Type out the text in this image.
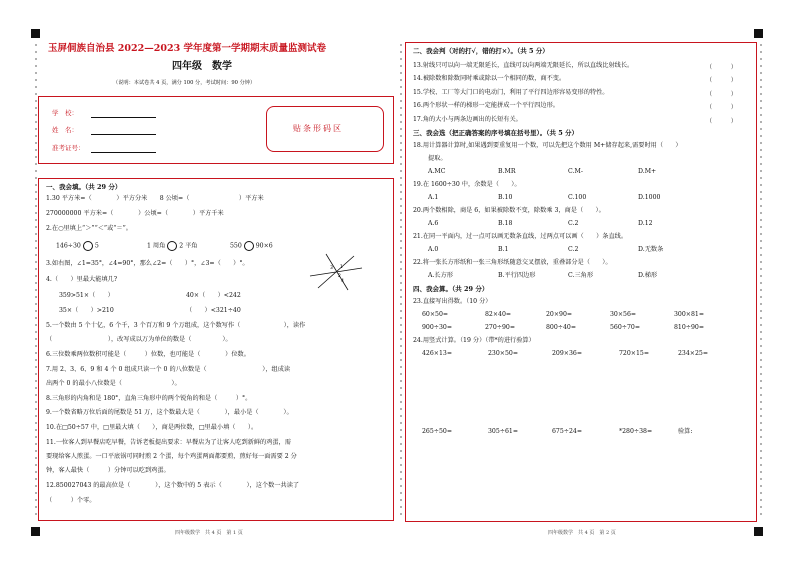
玉屏侗族自治县 2022—2023 学年度第一学期期末质量监测试卷
四年级　数学
（说明：本试卷共 4 页，满分 100 分，考试时间：90 分钟）
学　校：
姓　名：
准考证号：
贴条形码区
一、我会填。（共 29 分）
1.30 平方米=（　　　　）平方分米　　8 公顷=（　　　　　　　　）平方米
270000000 平方米=（　　　　）公顷=（　　　　）平方千米
2.在○里填上“＞”“＜”或“＝”。
146÷30 5	1 周角 2 平角	550 90×6
3.如右图，∠1=35°，∠4=90°，那么∠2=（　　）°，∠3=（　　）°。
3 1
2
4
4.（　　）里最大能填几?
359>51×（　　）	40×（　　）<242
35×（　　）>210	（　　）<321÷40
5.一个数由 5 个十亿，6 个千，3 个百万和 9 个万组成，这个数写作（　　　　　　　），读作
（　　　　　　　　　），改写成以万为单位的数是（　　　　　）。
6.三位数乘两位数积可能是（　　　）位数，也可能是（　　　　）位数。
7.用 2、3、6、9 和 4 个 0 组成只读一个 0 的八位数是（　　　　　　　　　），组成读
出两个 0 的最小八位数是（　　　　　　　　）。
8.三角形的内角和是 180°，直角三角形中的两个锐角的和是（　　　）°。
9.一个数省略万位后面的尾数是 51 万，这个数最大是（　　　　），最小是（　　　　）。
10.在□50÷57 中，□里最大填（　　），商是两位数，□里最小填（　　）。
11.一位客人到早餐店吃早餐，告诉老板提出要求：早餐店为了让客人吃到新鲜的鸡蛋，需
要现给客人煎蛋。一口平底锅可同时煎 2 个蛋，每个鸡蛋两面都要煎，煎好每一面需要 2 分
钟，客人最快（　　　）分钟可以吃到鸡蛋。
12.850027043 的最高位是（　　　　），这个数中的 5 表示（　　　　），这个数一共读了
（　　　）个零。
四年级数学　共 4 页　第 1 页
二、我会判（对的打√，错的打×）。（共 5 分）
13.射线只可以向一端无限延长，直线可以向两端无限延长，所以直线比射线长。	（　　　）
14.被除数和除数同时乘或除以一个相同的数，商不变。	（　　　）
15.学校、工厂等大门口的电动门，利用了平行四边形容易变形的特性。	（　　　）
16.两个形状一样的梯形一定能拼成一个平行四边形。	（　　　）
17.角的大小与两条边画出的长短有关。	（　　　）
三、我会选（把正确答案的序号填在括号里）。（共 5 分）
18.用计算器计算时,如果遇到要重复用一个数，可以先把这个数用 M+储存起来,需要时用（　　）
提取。
A.MC	B.MR	C.M-	D.M+
19.在 1600÷30 中，余数是（　　）。
A.1	B.10	C.100	D.1000
20.两个数相除，商是 6，如果被除数不变，除数乘 3，商是（　　）。
A.6	B.18	C.2	D.12
21.在同一平面内，过一点可以画无数条直线，过两点可以画（　　）条直线。
A.0	B.1	C.2	D.无数条
22.将一张长方形纸和一张三角形纸随意交叉摆放，重叠部分是（　　）。
A.长方形	B.平行四边形	C.三角形	D.梯形
四、我会算。（共 29 分）
23.直接写出得数。（10 分）
60×50=	82×40=	20×90=	30×56=	300×81=
900÷30=	270÷90=	800÷40=	560÷70=	810÷90=
24.用竖式计算。（19 分）（带*的进行验算）
426×13=	230×50=	209×36=	720×15=	234×25=
265÷50=	305÷61=	675÷24=	*280÷38=	验算:
四年级数学　共 4 页　第 2 页
